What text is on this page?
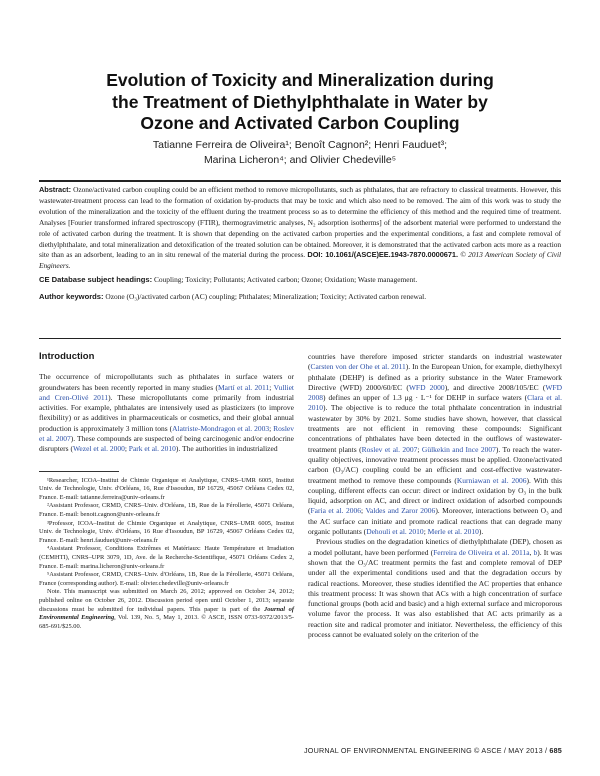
Evolution of Toxicity and Mineralization during
the Treatment of Diethylphthalate in Water by
Ozone and Activated Carbon Coupling
Tatianne Ferreira de Oliveira¹; Benoît Cagnon²; Henri Fauduet³;
Marina Licheron⁴; and Olivier Chedeville⁵

Abstract: Ozone/activated carbon coupling could be an efficient method to remove micropollutants, such as phthalates, that are refractory to classical treatments. However, this wastewater-treatment process can lead to the formation of oxidation by-products that may be toxic and which also need to be removed. The aim of this work was to study the evolution of the mineralization and the toxicity of the effluent during the treatment process so as to determine the efficiency of this method and the required time of treatment. Analyses [Fourier transformed infrared spectroscopy (FTIR), thermogravimetric analyses, N₂ adsorption isotherms] of the adsorbent material were performed to understand the role of activated carbon during the treatment. It is shown that depending on the activated carbon properties and the experimental conditions, a fast and complete removal of diethylphthalate, and total mineralization and detoxification of the treated solution can be obtained. Moreover, it is demonstrated that the activated carbon acts more as a reaction site than as an adsorbent, leading to an in situ renewal of the material during the process. DOI: 10.1061/(ASCE)EE.1943-7870.0000671. © 2013 American Society of Civil Engineers.

CE Database subject headings: Coupling; Toxicity; Pollutants; Activated carbon; Ozone; Oxidation; Waste management.

Author keywords: Ozone (O₃)/activated carbon (AC) coupling; Phthalates; Mineralization; Toxicity; Activated carbon renewal.

Introduction

The occurrence of micropollutants such as phthalates in surface waters or groundwaters has been recently reported in many studies (Martí et al. 2011; Vulliet and Cren-Olivé 2011). These micropollutants come primarily from industrial activities. For example, phthalates are intensively used as plasticizers (to improve flexibility) or as additives in pharmaceuticals or cosmetics, and their global annual production is approximately 3 million tons (Alatriste-Mondragon et al. 2003; Roslev et al. 2007). These compounds are suspected of being carcinogenic and/or endocrine disrupters (Wezel et al. 2000; Park et al. 2010). The authorities in industrialized

¹Researcher, ICOA–Institut de Chimie Organique et Analytique, CNRS–UMR 6005, Institut Univ. de Technologie, Univ. d'Orléans, 16, Rue d'Issoudun, BP 16729, 45067 Orléans Cedex 02, France. E-mail: tatianne.ferreira@univ-orleans.fr

²Assistant Professor, CRMD, CNRS–Univ. d'Orléans, 1B, Rue de la Férollerie, 45071 Orléans, France. E-mail: benoit.cagnon@univ-orleans.fr

³Professor, ICOA–Institut de Chimie Organique et Analytique, CNRS–UMR 6005, Institut Univ. de Technologie, Univ. d'Orléans, 16 Rue d'Issoudun, BP 16729, 45067 Orléans Cedex 02, France. E-mail: henri.fauduet@univ-orleans.fr

⁴Assistant Professor, Conditions Extrêmes et Matériaux: Haute Température et Irradiation (CEMHTI), CNRS–UPR 3079, 1D, Ave. de la Recherche-Scientifique, 45071 Orléans Cedex 2, France. E-mail: marina.licheron@univ-orleans.fr

⁵Assistant Professor, CRMD, CNRS–Univ. d'Orléans, 1B, Rue de la Férollerie, 45071 Orléans, France (corresponding author). E-mail: olivier.chedeville@univ-orleans.fr

Note. This manuscript was submitted on March 26, 2012; approved on October 24, 2012; published online on October 26, 2012. Discussion period open until October 1, 2013; separate discussions must be submitted for individual papers. This paper is part of the Journal of Environmental Engineering, Vol. 139, No. 5, May 1, 2013. © ASCE, ISSN 0733-9372/2013/5-685-691/$25.00.

countries have therefore imposed stricter standards on industrial wastewater (Carsten von der Ohe et al. 2011). In the European Union, for example, diethylhexyl phthalate (DEHP) is defined as a priority substance in the Water Framework Directive (WFD) 2000/60/EC (WFD 2000), and directive 2008/105/EC (WFD 2008) defines an upper of 1.3 μg · L⁻¹ for DEHP in surface waters (Clara et al. 2010). The objective is to reduce the total phthalate concentration in industrial wastewater by 30% by 2021. Some studies have shown, however, that classical treatments are not efficient in removing these compounds: Significant concentrations of phthalates have been detected in the outflows of wastewater-treatment plants (Roslev et al. 2007; Gülkekin and Ince 2007). To reach the water-quality objectives, innovative treatment processes must be applied. Ozone/activated carbon (O₃/AC) coupling could be an efficient and cost-effective wastewater-treatment method to remove these compounds (Kurniawan et al. 2006). With this coupling, different effects can occur: direct or indirect oxidation by O₃ in the bulk liquid, adsorption on AC, and direct or indirect oxidation of adsorbed compounds (Faria et al. 2006; Valdes and Zaror 2006). Moreover, interactions between O₃ and the AC surface can initiate and promote radical reactions that can degrade many organic pollutants (Dehouli et al. 2010; Merle et al. 2010).

Previous studies on the degradation kinetics of diethylphthalate (DEP), chosen as a model pollutant, have been performed (Ferreira de Oliveira et al. 2011a, b). It was shown that the O₃/AC treatment permits the fast and complete removal of DEP under all the experimental conditions used and that the degradation occurs by radical reactions. Moreover, these studies identified the AC properties that enhance this treatment process: It was shown that ACs with a high concentration of surface functional groups (both acid and basic) and a high external surface and microporous volume favor the process. It was also established that AC acts primarily as a reaction site and radical promoter and initiator. Nevertheless, the efficiency of this process cannot be evaluated solely on the criterion of the

JOURNAL OF ENVIRONMENTAL ENGINEERING © ASCE / MAY 2013 / 685
